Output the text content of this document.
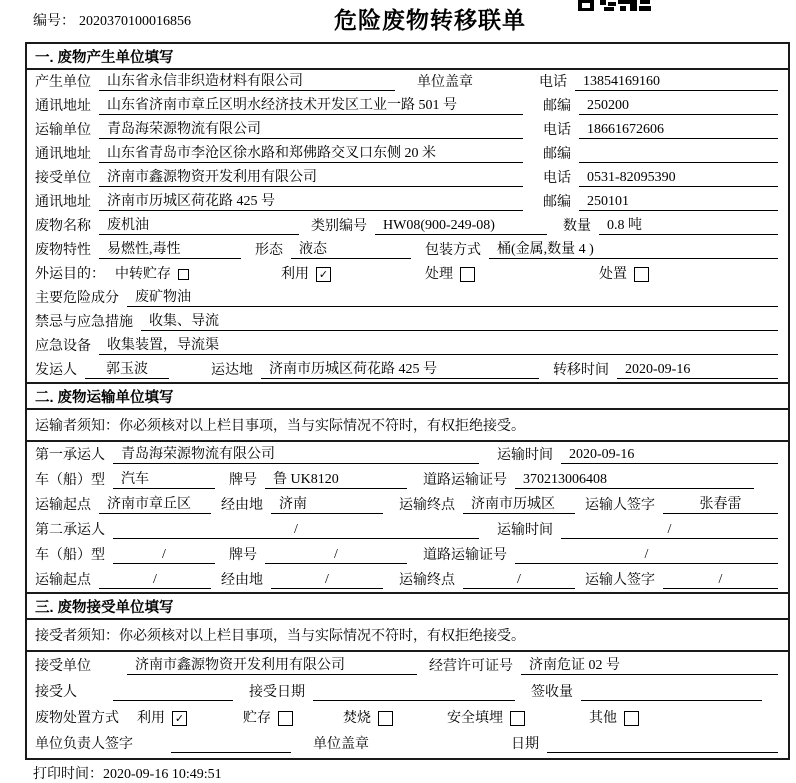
编号： 2020370100016856	危险废物转移联单
一. 废物产生单位填写
产生单位	山东省永信非织造材料有限公司	单位盖章	电话	13854169160
通讯地址	山东省济南市章丘区明水经济技术开发区工业一路 501 号	邮编	250200
运输单位	青岛海荣源物流有限公司	电话	18661672606
通讯地址	山东省青岛市李沧区徐水路和郑佛路交叉口东侧 20 米	邮编
接受单位	济南市鑫源物资开发利用有限公司	电话	0531-82095390
通讯地址	济南市历城区荷花路 425 号	邮编	250101
废物名称	废机油	类别编号	HW08(900-249-08)	数量	0.8 吨
废物特性	易燃性,毒性	形态	液态	包装方式	桶(金属,数量 4 )
外运目的： 中转贮存	利用 ✓	处理	处置
主要危险成分	废矿物油
禁忌与应急措施	收集、导流
应急设备	收集装置，导流渠
发运人	郭玉波	运达地	济南市历城区荷花路 425 号	转移时间	2020-09-16
二. 废物运输单位填写
运输者须知：你必须核对以上栏目事项，当与实际情况不符时，有权拒绝接受。
第一承运人	青岛海荣源物流有限公司	运输时间	2020-09-16
车（船）型	汽车	牌号	鲁 UK8120	道路运输证号	370213006408
运输起点	济南市章丘区	经由地	济南	运输终点	济南市历城区	运输人签字	张春雷
第二承运人	/	运输时间	/
车（船）型	/	牌号	/	道路运输证号	/
运输起点	/	经由地	/	运输终点	/	运输人签字	/
三. 废物接受单位填写
接受者须知：你必须核对以上栏目事项，当与实际情况不符时，有权拒绝接受。
接受单位	济南市鑫源物资开发利用有限公司	经营许可证号	济南危证 02 号
接受人	接受日期	签收量
废物处置方式 利用 ✓	贮存	焚烧	安全填埋	其他
单位负责人签字	单位盖章	日期
打印时间：2020-09-16 10:49:51
